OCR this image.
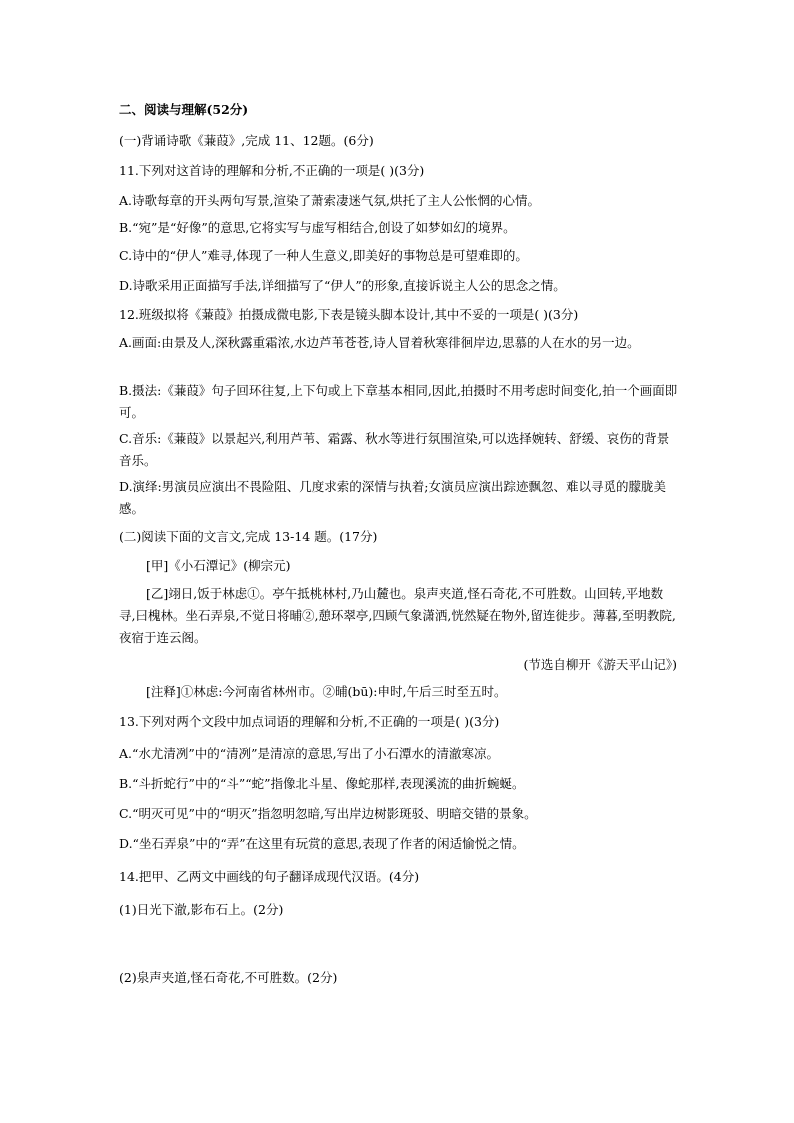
二、阅读与理解(52分)
(一)背诵诗歌《蒹葭》,完成 11、12题。(6分)
11.下列对这首诗的理解和分析,不正确的一项是( )(3分)
A.诗歌每章的开头两句写景,渲染了萧索凄迷气氛,烘托了主人公怅惘的心情。
B.“宛”是“好像”的意思,它将实写与虚写相结合,创设了如梦如幻的境界。
C.诗中的“伊人”难寻,体现了一种人生意义,即美好的事物总是可望难即的。
D.诗歌采用正面描写手法,详细描写了“伊人”的形象,直接诉说主人公的思念之情。
12.班级拟将《蒹葭》拍摄成微电影,下表是镜头脚本设计,其中不妥的一项是( )(3分)
A.画面:由景及人,深秋露重霜浓,水边芦苇苍苍,诗人冒着秋寒徘徊岸边,思慕的人在水的另一边。
B.摄法:《蒹葭》句子回环往复,上下句或上下章基本相同,因此,拍摄时不用考虑时间变化,拍一个画面即可。
C.音乐:《蒹葭》以景起兴,利用芦苇、霜露、秋水等进行氛围渲染,可以选择婉转、舒缓、哀伤的背景音乐。
D.演绎:男演员应演出不畏险阻、几度求索的深情与执着;女演员应演出踪迹飘忽、难以寻觅的朦胧美感。
(二)阅读下面的文言文,完成 13-14 题。(17分)
[甲]《小石潭记》(柳宗元)
[乙]翊日,饭于林虑①。亭午抵桃林村,乃山麓也。泉声夹道,怪石奇花,不可胜数。山回转,平地数寻,曰槐林。坐石弄泉,不觉日将晡②,憩环翠亭,四顾气象潇洒,恍然疑在物外,留连徙步。薄暮,至明教院,夜宿于连云阁。
(节选自柳开《游天平山记》)
[注释]①林虑:今河南省林州市。②晡(bū):申时,午后三时至五时。
13.下列对两个文段中加点词语的理解和分析,不正确的一项是( )(3分)
A.“水尤清冽”中的“清冽”是清凉的意思,写出了小石潭水的清澈寒凉。
B.“斗折蛇行”中的“斗”“蛇”指像北斗星、像蛇那样,表现溪流的曲折蜿蜒。
C.“明灭可见”中的“明灭”指忽明忽暗,写出岸边树影斑驳、明暗交错的景象。
D.“坐石弄泉”中的“弄”在这里有玩赏的意思,表现了作者的闲适愉悦之情。
14.把甲、乙两文中画线的句子翻译成现代汉语。(4分)
(1)日光下澈,影布石上。(2分)
(2)泉声夹道,怪石奇花,不可胜数。(2分)
